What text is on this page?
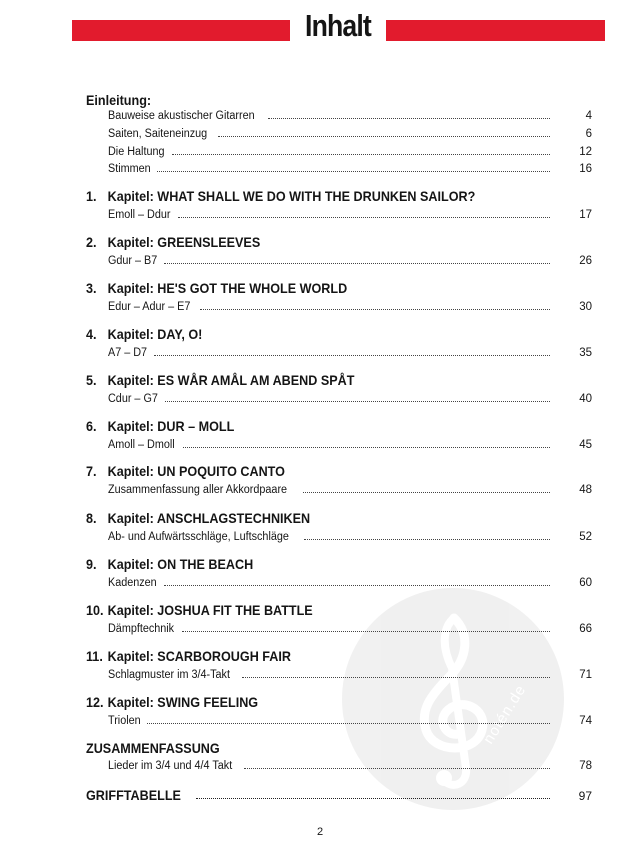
Inhalt
notén.de
Einleitung:
Bauweise akustischer Gitarren	4
Saiten, Saiteneinzug	6
Die Haltung	12
Stimmen	16
1. Kapitel: WHAT SHALL WE DO WITH THE DRUNKEN SAILOR?
Emoll – Ddur	17
2. Kapitel: GREENSLEEVES
Gdur – B7	26
3. Kapitel: HE'S GOT THE WHOLE WORLD
Edur – Adur – E7	30
4. Kapitel: DAY, O!
A7 – D7	35
5. Kapitel: ES WÅR AMÅL AM ABEND SPÅT
Cdur – G7	40
6. Kapitel: DUR – MOLL
Amoll – Dmoll	45
7. Kapitel: UN POQUITO CANTO
Zusammenfassung aller Akkordpaare	48
8. Kapitel: ANSCHLAGSTECHNIKEN
Ab- und Aufwärtsschläge, Luftschläge	52
9. Kapitel: ON THE BEACH
Kadenzen	60
10. Kapitel: JOSHUA FIT THE BATTLE
Dämpftechnik	66
11. Kapitel: SCARBOROUGH FAIR
Schlagmuster im 3/4-Takt	71
12. Kapitel: SWING FEELING
Triolen	74
ZUSAMMENFASSUNG
Lieder im 3/4 und 4/4 Takt	78
GRIFFTABELLE	97
2
